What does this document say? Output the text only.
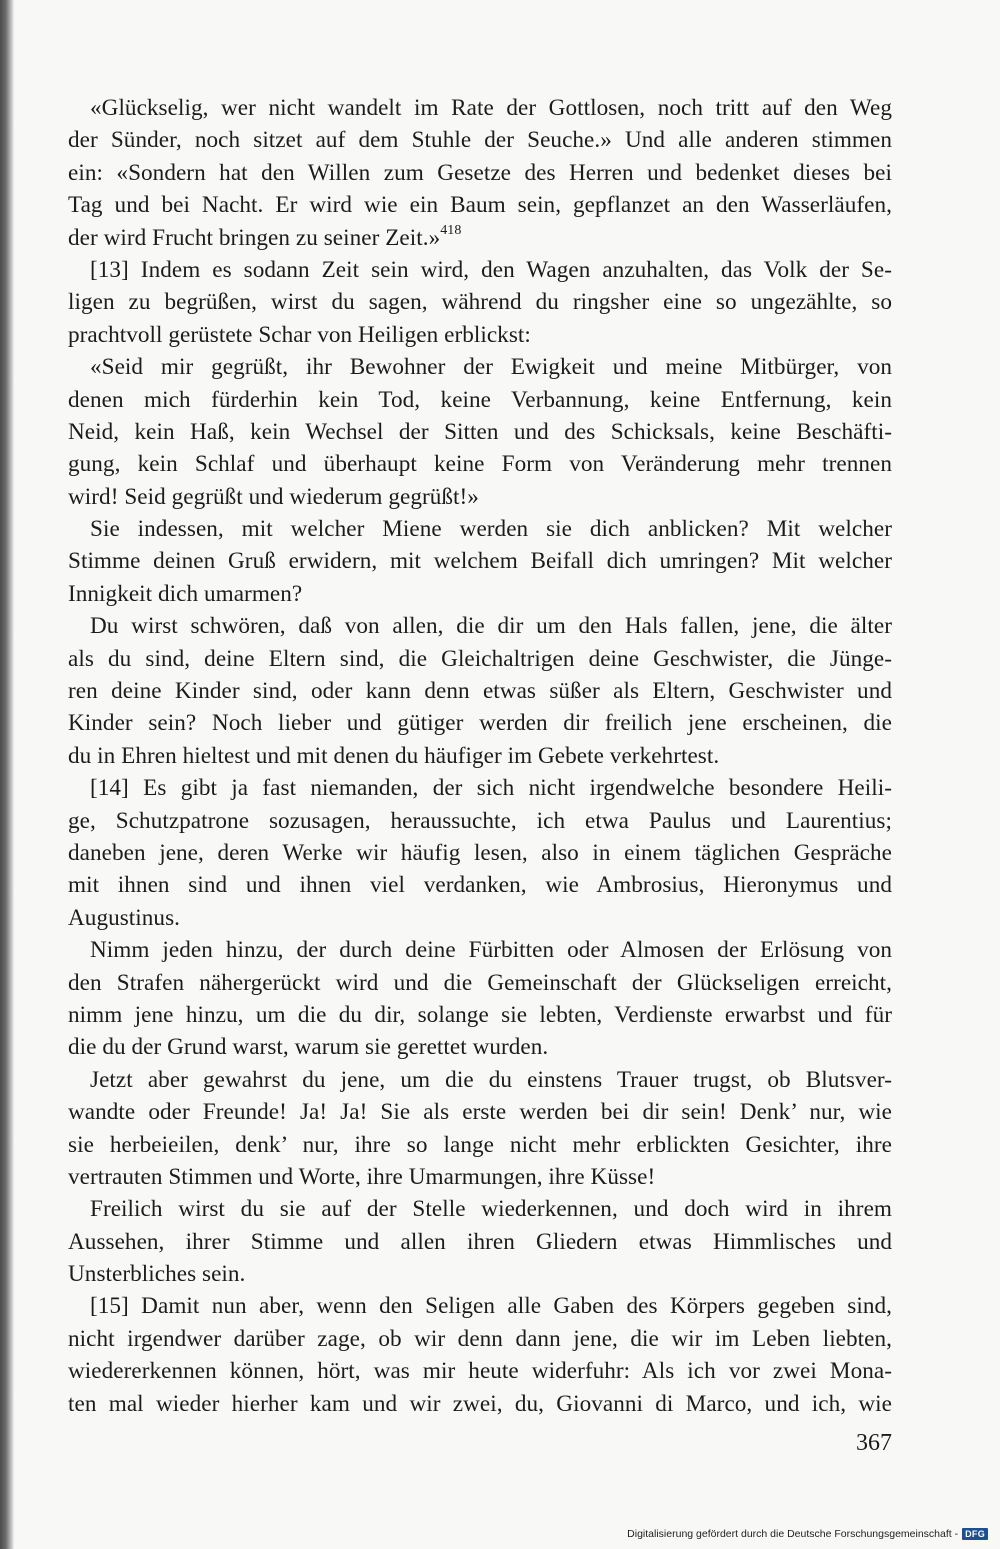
«Glückselig, wer nicht wandelt im Rate der Gottlosen, noch tritt auf den Weg
der Sünder, noch sitzet auf dem Stuhle der Seuche.» Und alle anderen stimmen
ein: «Sondern hat den Willen zum Gesetze des Herren und bedenket dieses bei
Tag und bei Nacht. Er wird wie ein Baum sein, gepflanzet an den Wasserläufen,
der wird Frucht bringen zu seiner Zeit.»$^{418}$
[13] Indem es sodann Zeit sein wird, den Wagen anzuhalten, das Volk der Se-
ligen zu begrüßen, wirst du sagen, während du ringsher eine so ungezählte, so
prachtvoll gerüstete Schar von Heiligen erblickst:
«Seid mir gegrüßt, ihr Bewohner der Ewigkeit und meine Mitbürger, von
denen mich fürderhin kein Tod, keine Verbannung, keine Entfernung, kein
Neid, kein Haß, kein Wechsel der Sitten und des Schicksals, keine Beschäfti-
gung, kein Schlaf und überhaupt keine Form von Veränderung mehr trennen
wird! Seid gegrüßt und wiederum gegrüßt!»
Sie indessen, mit welcher Miene werden sie dich anblicken? Mit welcher
Stimme deinen Gruß erwidern, mit welchem Beifall dich umringen? Mit welcher
Innigkeit dich umarmen?
Du wirst schwören, daß von allen, die dir um den Hals fallen, jene, die älter
als du sind, deine Eltern sind, die Gleichaltrigen deine Geschwister, die Jünge-
ren deine Kinder sind, oder kann denn etwas süßer als Eltern, Geschwister und
Kinder sein? Noch lieber und gütiger werden dir freilich jene erscheinen, die
du in Ehren hieltest und mit denen du häufiger im Gebete verkehrtest.
[14] Es gibt ja fast niemanden, der sich nicht irgendwelche besondere Heili-
ge, Schutzpatrone sozusagen, heraussuchte, ich etwa Paulus und Laurentius;
daneben jene, deren Werke wir häufig lesen, also in einem täglichen Gespräche
mit ihnen sind und ihnen viel verdanken, wie Ambrosius, Hieronymus und
Augustinus.
Nimm jeden hinzu, der durch deine Fürbitten oder Almosen der Erlösung von
den Strafen nähergerückt wird und die Gemeinschaft der Glückseligen erreicht,
nimm jene hinzu, um die du dir, solange sie lebten, Verdienste erwarbst und für
die du der Grund warst, warum sie gerettet wurden.
Jetzt aber gewahrst du jene, um die du einstens Trauer trugst, ob Blutsver-
wandte oder Freunde! Ja! Ja! Sie als erste werden bei dir sein! Denk’ nur, wie
sie herbeieilen, denk’ nur, ihre so lange nicht mehr erblickten Gesichter, ihre
vertrauten Stimmen und Worte, ihre Umarmungen, ihre Küsse!
Freilich wirst du sie auf der Stelle wiederkennen, und doch wird in ihrem
Aussehen, ihrer Stimme und allen ihren Gliedern etwas Himmlisches und
Unsterbliches sein.
[15] Damit nun aber, wenn den Seligen alle Gaben des Körpers gegeben sind,
nicht irgendwer darüber zage, ob wir denn dann jene, die wir im Leben liebten,
wiedererkennen können, hört, was mir heute widerfuhr: Als ich vor zwei Mona-
ten mal wieder hierher kam und wir zwei, du, Giovanni di Marco, und ich, wie
367
Digitalisierung gefördert durch die Deutsche Forschungsgemeinschaft - DFG
